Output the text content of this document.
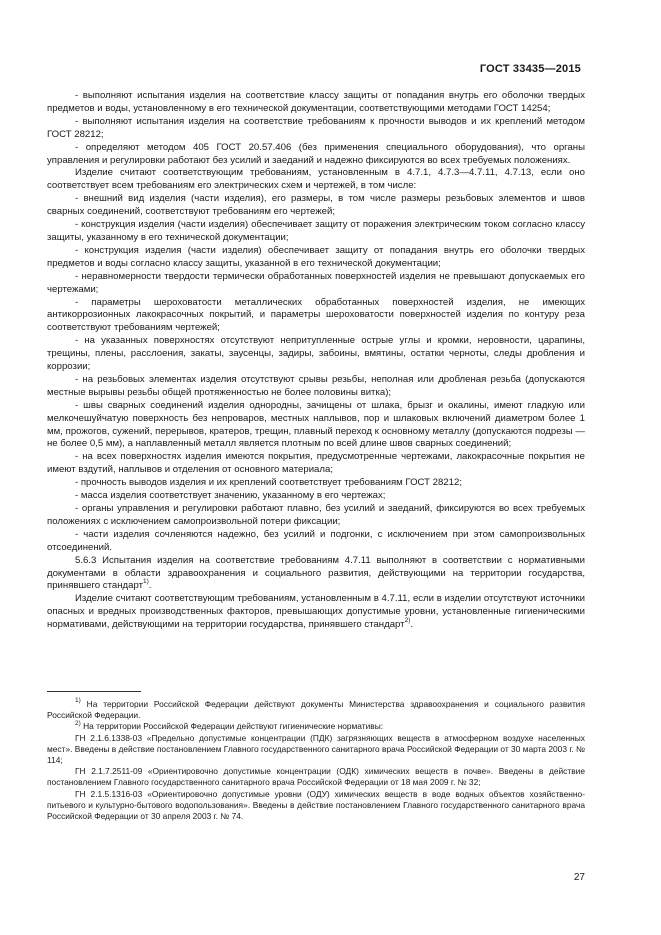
ГОСТ 33435—2015

- выполняют испытания изделия на соответствие классу защиты от попадания внутрь его оболочки твердых предметов и воды, установленному в его технической документации, соответствующими методами ГОСТ 14254;

- выполняют испытания изделия на соответствие требованиям к прочности выводов и их креплений методом ГОСТ 28212;

- определяют методом 405 ГОСТ 20.57.406 (без применения специального оборудования), что органы управления и регулировки работают без усилий и заеданий и надежно фиксируются во всех требуемых положениях.

Изделие считают соответствующим требованиям, установленным в 4.7.1, 4.7.3—4.7.11, 4.7.13, если оно соответствует всем требованиям его электрических схем и чертежей, в том числе:

- внешний вид изделия (части изделия), его размеры, в том числе размеры резьбовых элементов и швов сварных соединений, соответствуют требованиям его чертежей;

- конструкция изделия (части изделия) обеспечивает защиту от поражения электрическим током согласно классу защиты, указанному в его технической документации;

- конструкция изделия (части изделия) обеспечивает защиту от попадания внутрь его оболочки твердых предметов и воды согласно классу защиты, указанной в его технической документации;

- неравномерности твердости термически обработанных поверхностей изделия не превышают допускаемых его чертежами;

- параметры шероховатости металлических обработанных поверхностей изделия, не имеющих антикоррозионных лакокрасочных покрытий, и параметры шероховатости поверхностей изделия по контуру реза соответствуют требованиям чертежей;

- на указанных поверхностях отсутствуют непритупленные острые углы и кромки, неровности, царапины, трещины, плены, расслоения, закаты, заусенцы, задиры, забоины, вмятины, остатки черноты, следы дробления и коррозии;

- на резьбовых элементах изделия отсутствуют срывы резьбы, неполная или дробленая резьба (допускаются местные вырывы резьбы общей протяженностью не более половины витка);

- швы сварных соединений изделия однородны, зачищены от шлака, брызг и окалины, имеют гладкую или мелкочешуйчатую поверхность без непроваров, местных наплывов, пор и шлаковых включений диаметром более 1 мм, прожогов, сужений, перерывов, кратеров, трещин, плавный переход к основному металлу (допускаются подрезы — не более 0,5 мм), а наплавленный металл является плотным по всей длине швов сварных соединений;

- на всех поверхностях изделия имеются покрытия, предусмотренные чертежами, лакокрасочные покрытия не имеют вздутий, наплывов и отделения от основного материала;

- прочность выводов изделия и их креплений соответствует требованиям ГОСТ 28212;

- масса изделия соответствует значению, указанному в его чертежах;

- органы управления и регулировки работают плавно, без усилий и заеданий, фиксируются во всех требуемых положениях с исключением самопроизвольной потери фиксации;

- части изделия сочленяются надежно, без усилий и подгонки, с исключением при этом самопроизвольных отсоединений.

5.6.3 Испытания изделия на соответствие требованиям 4.7.11 выполняют в соответствии с нормативными документами в области здравоохранения и социального развития, действующими на территории государства, принявшего стандарт$^{1)}$.

Изделие считают соответствующим требованиям, установленным в 4.7.11, если в изделии отсутствуют источники опасных и вредных производственных факторов, превышающих допустимые уровни, установленные гигиеническими нормативами, действующими на территории государства, принявшего стандарт$^{2)}$.

$^{1)}$ На территории Российской Федерации действуют документы Министерства здравоохранения и социального развития Российской Федерации.

$^{2)}$ На территории Российской Федерации действуют гигиенические нормативы:

ГН 2.1.6.1338-03 «Предельно допустимые концентрации (ПДК) загрязняющих веществ в атмосферном воздухе населенных мест». Введены в действие постановлением Главного государственного санитарного врача Российской Федерации от 30 марта 2003 г. № 114;

ГН 2.1.7.2511-09 «Ориентировочно допустимые концентрации (ОДК) химических веществ в почве». Введены в действие постановлением Главного государственного санитарного врача Российской Федерации от 18 мая 2009 г. № 32;

ГН 2.1.5.1316-03 «Ориентировочно допустимые уровни (ОДУ) химических веществ в воде водных объектов хозяйственно-питьевого и культурно-бытового водопользования». Введены в действие постановлением Главного государственного санитарного врача Российской Федерации от 30 апреля 2003 г. № 74.

27
